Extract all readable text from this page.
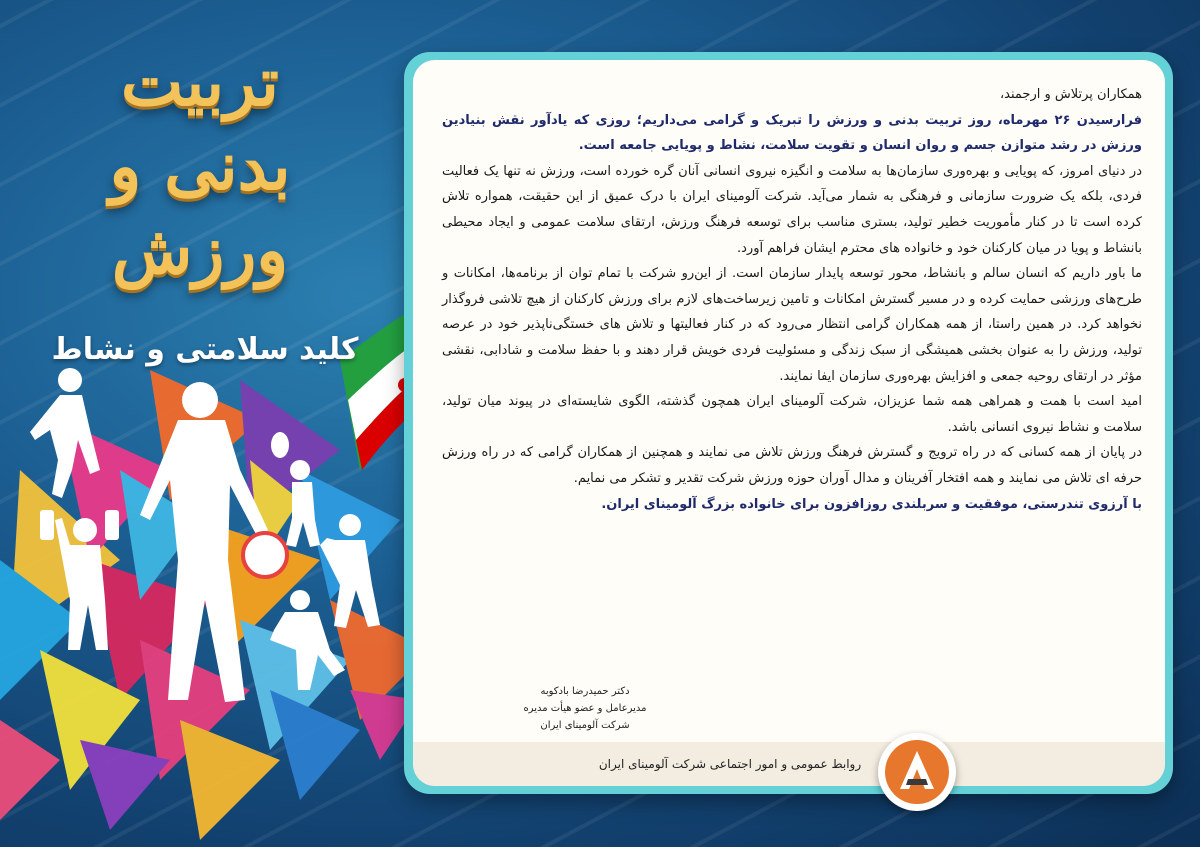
تربیت
بدنی و
ورزش
کلید سلامتی و نشاط

همکاران پرتلاش و ارجمند،

فرارسیدن ۲۶ مهرماه، روز تربیت بدنی و ورزش را تبریک و گرامی می‌داریم؛ روزی که یادآور نقش بنیادین ورزش در رشد متوازن جسم و روان انسان و تقویت سلامت، نشاط و پویایی جامعه است.

در دنیای امروز، که پویایی و بهره‌وری سازمان‌ها به سلامت و انگیزه نیروی انسانی آنان گره خورده است، ورزش نه تنها یک فعالیت فردی، بلکه یک ضرورت سازمانی و فرهنگی به شمار می‌آید. شرکت آلومینای ایران با درک عمیق از این حقیقت، همواره تلاش کرده است تا در کنار مأموریت خطیر تولید، بستری مناسب برای توسعه فرهنگ ورزش، ارتقای سلامت عمومی و ایجاد محیطی بانشاط و پویا در میان کارکنان خود و خانواده های محترم ایشان فراهم آورد.

ما باور داریم که انسان سالم و بانشاط، محور توسعه پایدار سازمان است. از این‌رو شرکت با تمام توان از برنامه‌ها، امکانات و طرح‌های ورزشی حمایت کرده و در مسیر گسترش امکانات و تامین زیرساخت‌های لازم برای ورزش کارکنان از هیچ تلاشی فروگذار نخواهد کرد. در همین راستا، از همه همکاران گرامی انتظار می‌رود که در کنار فعالیتها و تلاش های خستگی‌ناپذیر خود در عرصه تولید، ورزش را به عنوان بخشی همیشگی از سبک زندگی و مسئولیت فردی خویش قرار دهند و با حفظ سلامت و شادابی، نقشی مؤثر در ارتقای روحیه جمعی و افزایش بهره‌وری سازمان ایفا نمایند.

امید است با همت و همراهی همه شما عزیزان، شرکت آلومینای ایران همچون گذشته، الگوی شایسته‌ای در پیوند میان تولید، سلامت و نشاط نیروی انسانی باشد.

در پایان از همه کسانی که در راه ترویج و گسترش فرهنگ ورزش تلاش می نمایند و همچنین از همکاران گرامی که در راه ورزش حرفه ای تلاش می نمایند و همه افتخار آفرینان و مدال آوران حوزه ورزش شرکت تقدیر و تشکر می نمایم.

با آرزوی تندرستی، موفقیت و سربلندی روزافزون برای خانواده بزرگ آلومینای ایران.

دکتر حمیدرضا بادکوبه
مدیرعامل و عضو هیأت مدیره
شرکت آلومینای ایران
روابط عمومی و امور اجتماعی شرکت آلومینای ایران
